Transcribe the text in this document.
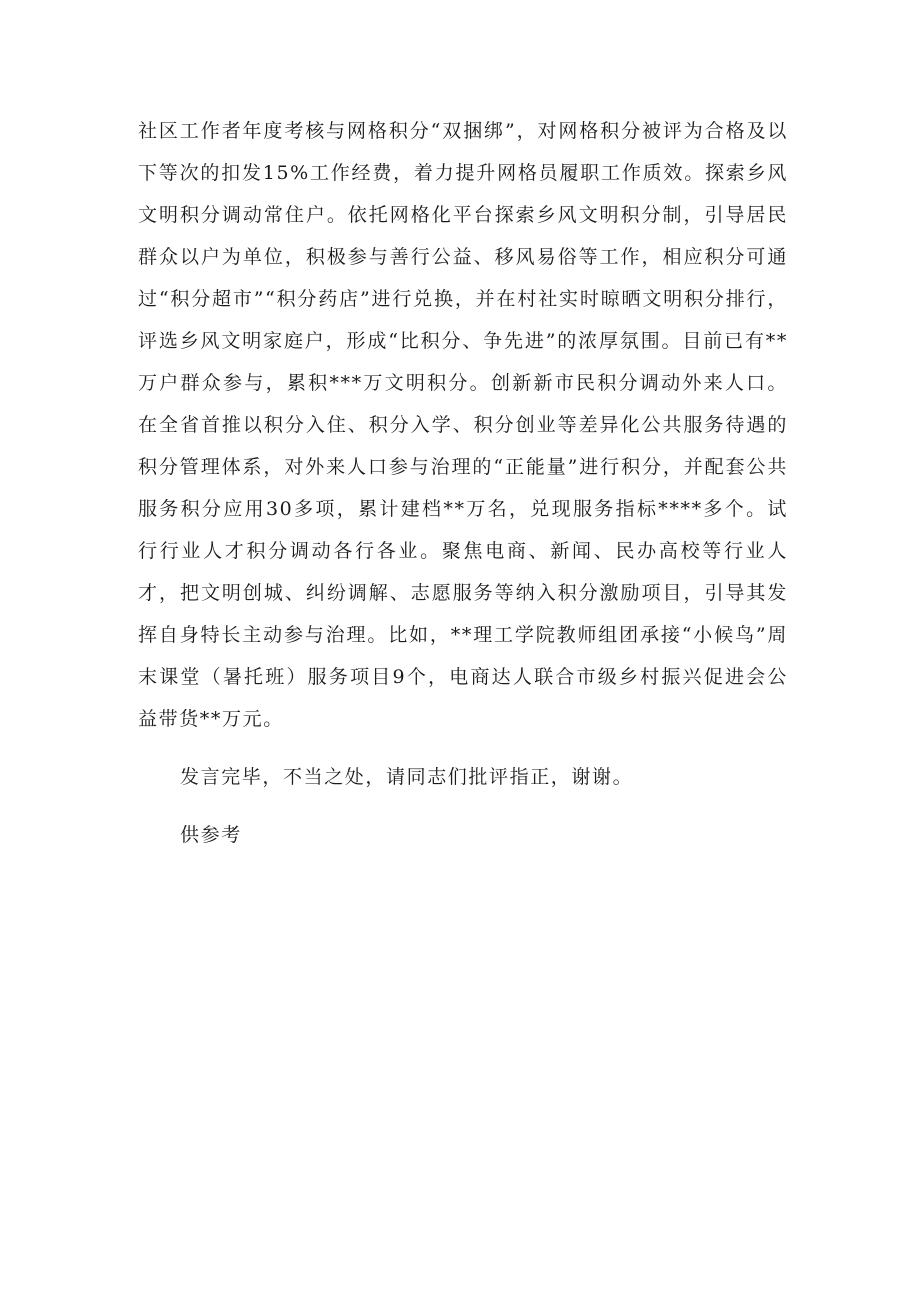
社区工作者年度考核与网格积分“双捆绑”，对网格积分被评为合格及以下等次的扣发15%工作经费，着力提升网格员履职工作质效。探索乡风文明积分调动常住户。依托网格化平台探索乡风文明积分制，引导居民群众以户为单位，积极参与善行公益、移风易俗等工作，相应积分可通过“积分超市”“积分药店”进行兑换，并在村社实时晾晒文明积分排行，评选乡风文明家庭户，形成“比积分、争先进”的浓厚氛围。目前已有**万户群众参与，累积***万文明积分。创新新市民积分调动外来人口。在全省首推以积分入住、积分入学、积分创业等差异化公共服务待遇的积分管理体系，对外来人口参与治理的“正能量”进行积分，并配套公共服务积分应用30多项，累计建档**万名，兑现服务指标****多个。试行行业人才积分调动各行各业。聚焦电商、新闻、民办高校等行业人才，把文明创城、纠纷调解、志愿服务等纳入积分激励项目，引导其发挥自身特长主动参与治理。比如，**理工学院教师组团承接“小候鸟”周末课堂（暑托班）服务项目9个，电商达人联合市级乡村振兴促进会公益带货**万元。

发言完毕，不当之处，请同志们批评指正，谢谢。

供参考
